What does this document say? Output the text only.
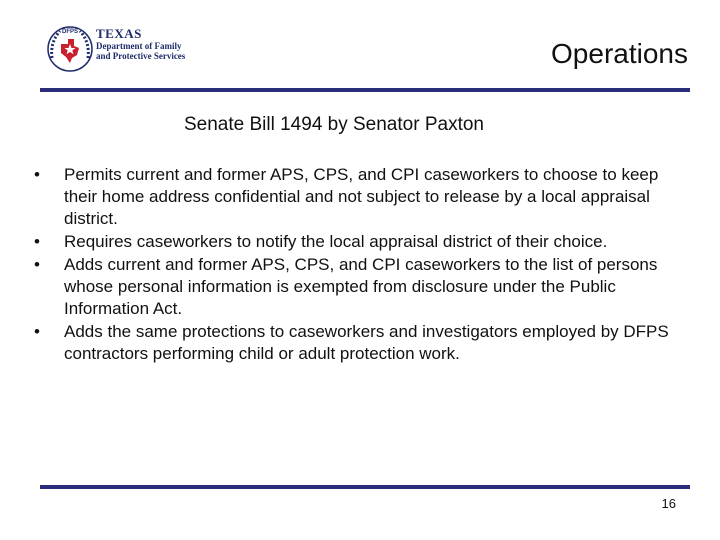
DFPS TEXAS
Department of Family
and Protective Services	Operations
Senate Bill 1494 by Senator Paxton
• Permits current and former APS, CPS, and CPI caseworkers to choose to keep their home address confidential and not subject to release by a local appraisal district.
• Requires caseworkers to notify the local appraisal district of their choice.
• Adds current and former APS, CPS, and CPI caseworkers to the list of persons whose personal information is exempted from disclosure under the Public Information Act.
• Adds the same protections to caseworkers and investigators employed by DFPS contractors performing child or adult protection work.
16
